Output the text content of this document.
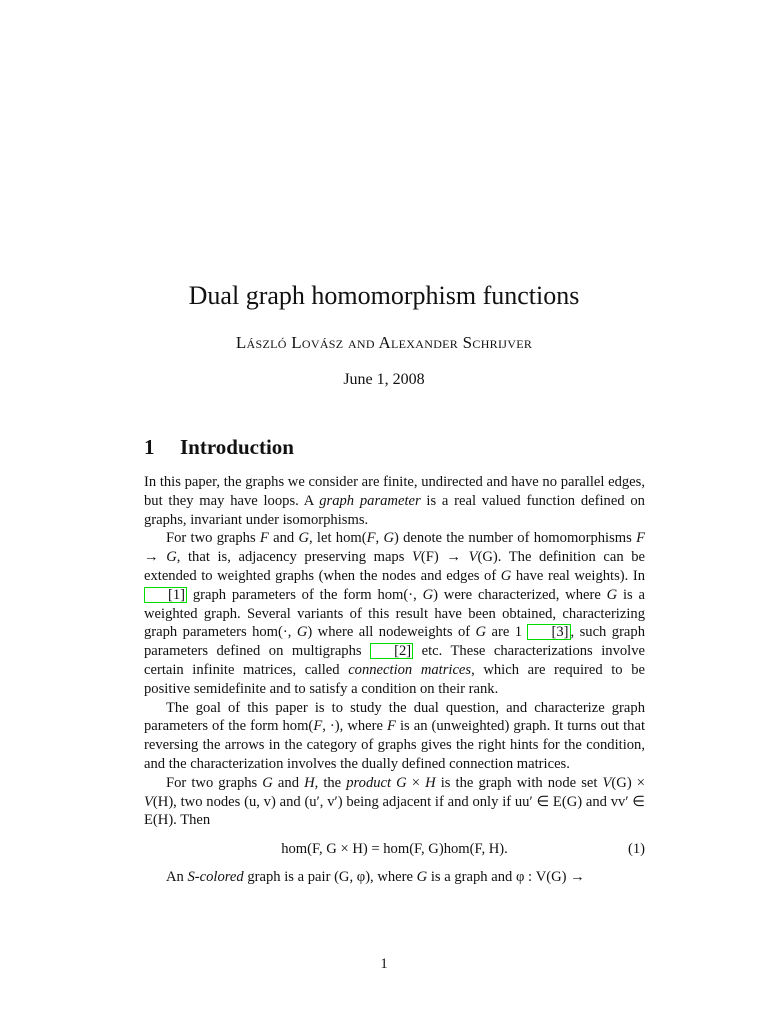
Dual graph homomorphism functions
László Lovász and Alexander Schrijver
June 1, 2008
1 Introduction

In this paper, the graphs we consider are finite, undirected and have no parallel edges, but they may have loops. A graph parameter is a real valued function defined on graphs, invariant under isomorphisms.

For two graphs F and G, let hom(F, G) denote the number of homomorphisms F → G, that is, adjacency preserving maps V(F) → V(G). The definition can be extended to weighted graphs (when the nodes and edges of G have real weights). In [1] graph parameters of the form hom(·, G) were characterized, where G is a weighted graph. Several variants of this result have been obtained, characterizing graph parameters hom(·, G) where all nodeweights of G are 1 [3] , such graph parameters defined on multigraphs [2] etc. These characterizations involve certain infinite matrices, called connection matrices, which are required to be positive semidefinite and to satisfy a condition on their rank.

The goal of this paper is to study the dual question, and characterize graph parameters of the form hom(F, ·), where F is an (unweighted) graph. It turns out that reversing the arrows in the category of graphs gives the right hints for the condition, and the characterization involves the dually defined connection matrices.

For two graphs G and H, the product G × H is the graph with node set V(G) × V(H), two nodes (u, v) and (u′, v′) being adjacent if and only if uu′ ∈ E(G) and vv′ ∈ E(H). Then

hom(F, G × H) = hom(F, G)hom(F, H).	(1)

An S-colored graph is a pair (G, φ), where G is a graph and φ : V(G) →

1
